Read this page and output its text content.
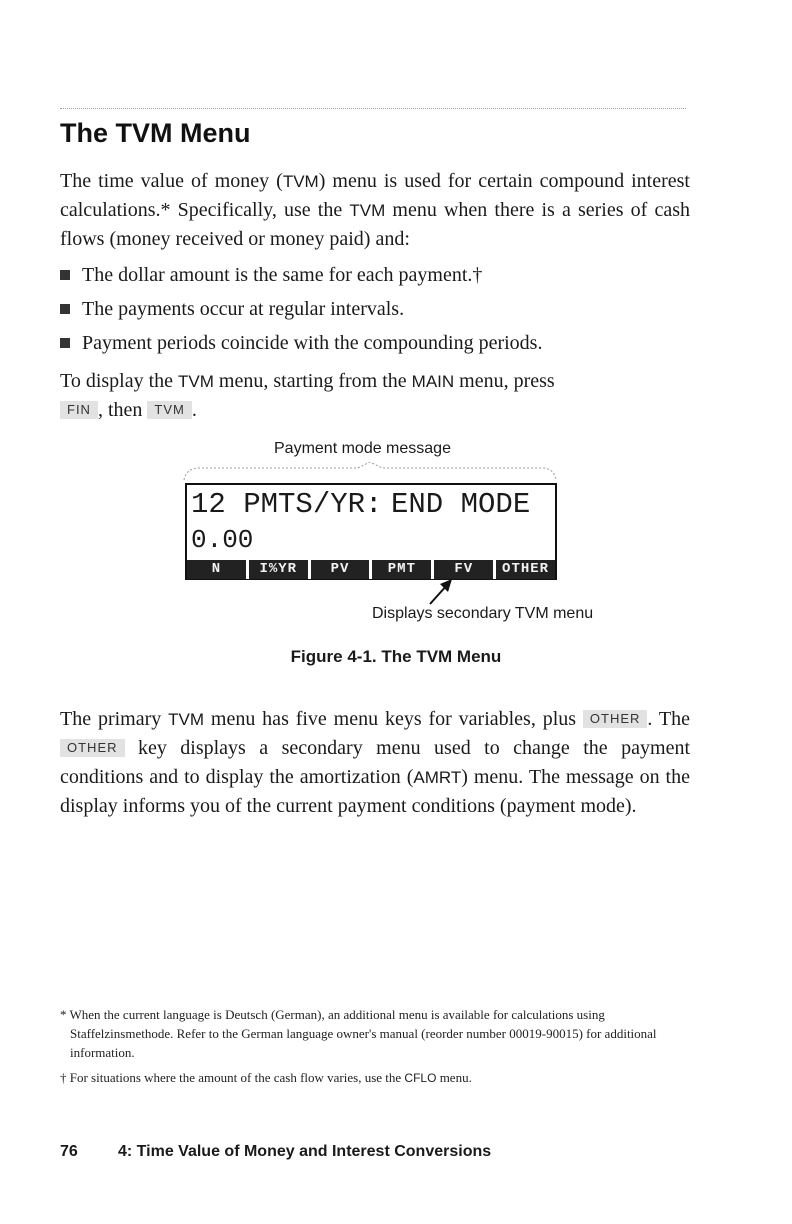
The TVM Menu

The time value of money (TVM) menu is used for certain compound interest calculations.* Specifically, use the TVM menu when there is a series of cash flows (money received or money paid) and:

The dollar amount is the same for each payment.†
The payments occur at regular intervals.
Payment periods coincide with the compounding periods.

To display the TVM menu, starting from the MAIN menu, press
FIN , then TVM .

Payment mode message
12 PMTS/YR: END MODE
0.00
N	I%YR	PV	PMT	FV	OTHER
Displays secondary TVM menu
Figure 4-1. The TVM Menu

The primary TVM menu has five menu keys for variables, plus OTHER . The OTHER key displays a secondary menu used to change the payment conditions and to display the amortization (AMRT) menu. The message on the display informs you of the current payment conditions (payment mode).

* When the current language is Deutsch (German), an additional menu is available for calculations using Staffelzinsmethode. Refer to the German language owner's manual (reorder number 00019-90015) for additional information.

† For situations where the amount of the cash flow varies, use the CFLO menu.

76	4: Time Value of Money and Interest Conversions
